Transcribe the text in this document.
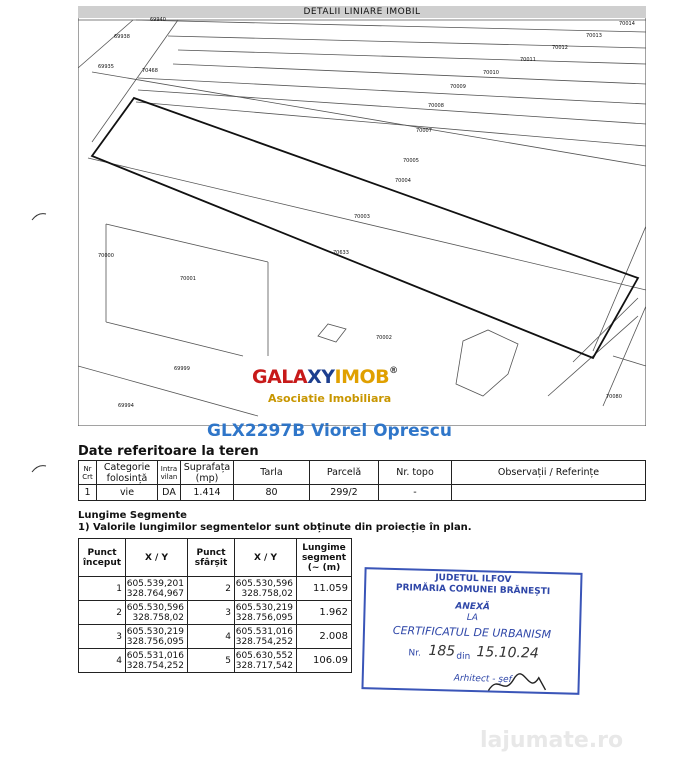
DETALII LINIARE IMOBIL
69940
70014
70013
70012
70011
70010
70009
70008
70007
70005
70004
70003
70633
70000
70001
70002
69999
69994
70080
69938
69935
70468
GALAXYIMOB®
Asociatie Imobiliara
GLX2297B Viorel Oprescu
Date referitoare la teren
Nr Crt	Categorie folosință	Intra vilan	Suprafața (mp)	Tarla	Parcelă	Nr. topo	Observații / Referințe
1	vie	DA	1.414	80	299/2	-	
Lungime Segmente
1) Valorile lungimilor segmentelor sunt obținute din proiecție în plan.
Punct început	X / Y	Punct sfârșit	X / Y	Lungime segment (~ (m)
1	605.539,201
328.764,967	2	605.530,596
328.758,02	11.059
2	605.530,596
328.758,02	3	605.530,219
328.756,095	1.962
3	605.530,219
328.756,095	4	605.531,016
328.754,252	2.008
4	605.531,016
328.754,252	5	605.630,552
328.717,542	106.09
JUDETUL ILFOV
PRIMĂRIA COMUNEI BRĂNEȘTI
ANEXĂ
LA
CERTIFICATUL DE URBANISM
Nr. 185 din 15.10.24
Arhitect - șef
lajumate.ro
